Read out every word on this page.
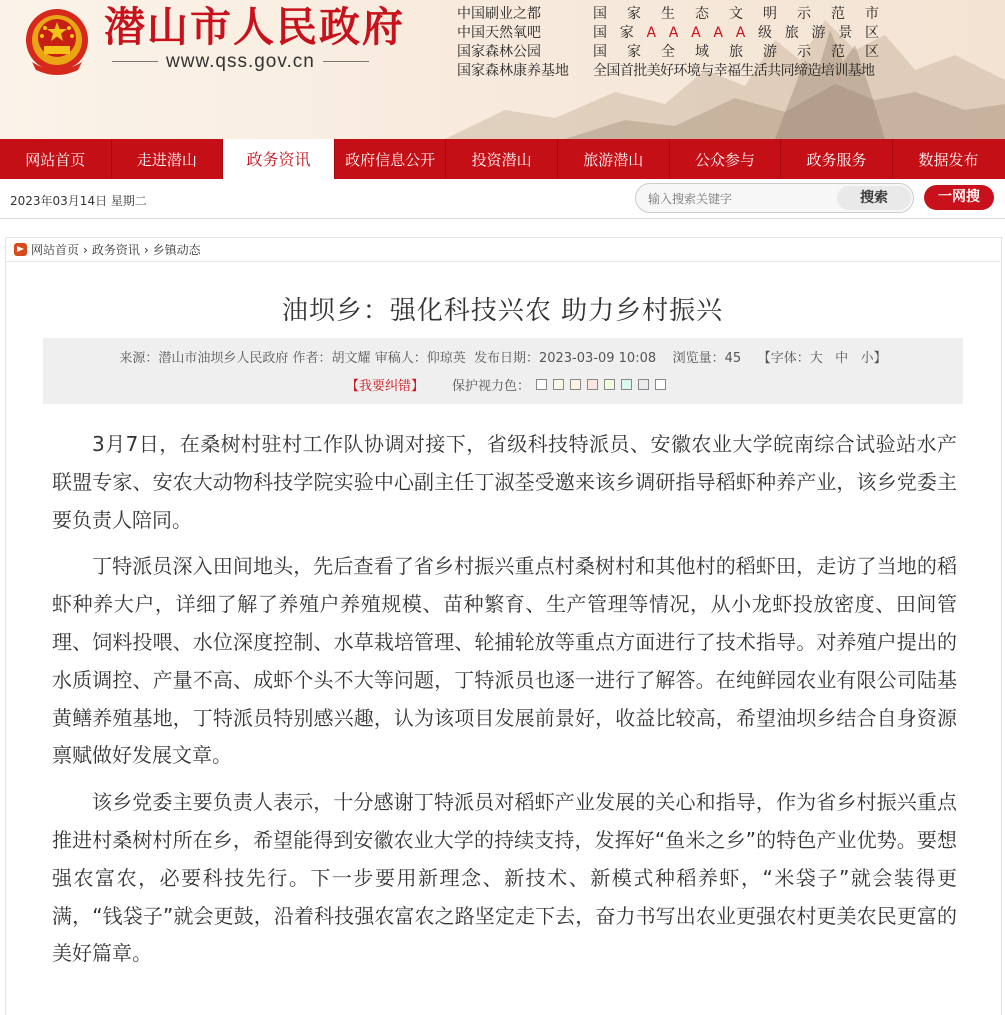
潜山市人民政府
www.qss.gov.cn
中国刷业之都	国 家 生 态 文 明 示 范 市
中国天然氧吧	国 家 A A A A A 级 旅 游 景 区
国家森林公园	国 家 全 域 旅 游 示 范 区
国家森林康养基地	全国首批美好环境与幸福生活共同缔造培训基地
网站首页	走进潜山	政务资讯	政府信息公开	投资潜山	旅游潜山	公众参与	政务服务	数据发布
2023年03月14日 星期二
输入搜索关键字	搜索	一网搜
网站首页 › 政务资讯 › 乡镇动态
油坝乡：强化科技兴农 助力乡村振兴
来源：潜山市油坝乡人民政府 作者：胡文耀 审稿人：仰琼英 发布日期：2023-03-09 10:08 浏览量：45 【字体：大 中 小】
【我要纠错】 保护视力色：

3月7日，在桑树村驻村工作队协调对接下，省级科技特派员、安徽农业大学皖南综合试验站水产联盟专家、安农大动物科技学院实验中心副主任丁淑荃受邀来该乡调研指导稻虾种养产业，该乡党委主要负责人陪同。

丁特派员深入田间地头，先后查看了省乡村振兴重点村桑树村和其他村的稻虾田，走访了当地的稻虾种养大户，详细了解了养殖户养殖规模、苗种繁育、生产管理等情况，从小龙虾投放密度、田间管理、饲料投喂、水位深度控制、水草栽培管理、轮捕轮放等重点方面进行了技术指导。对养殖户提出的水质调控、产量不高、成虾个头不大等问题，丁特派员也逐一进行了解答。在纯鲜园农业有限公司陆基黄鳝养殖基地，丁特派员特别感兴趣，认为该项目发展前景好，收益比较高，希望油坝乡结合自身资源禀赋做好发展文章。

该乡党委主要负责人表示，十分感谢丁特派员对稻虾产业发展的关心和指导，作为省乡村振兴重点推进村桑树村所在乡，希望能得到安徽农业大学的持续支持，发挥好“鱼米之乡”的特色产业优势。要想强农富农，必要科技先行。下一步要用新理念、新技术、新模式种稻养虾，“米袋子”就会装得更满，“钱袋子”就会更鼓，沿着科技强农富农之路坚定走下去，奋力书写出农业更强农村更美农民更富的美好篇章。
